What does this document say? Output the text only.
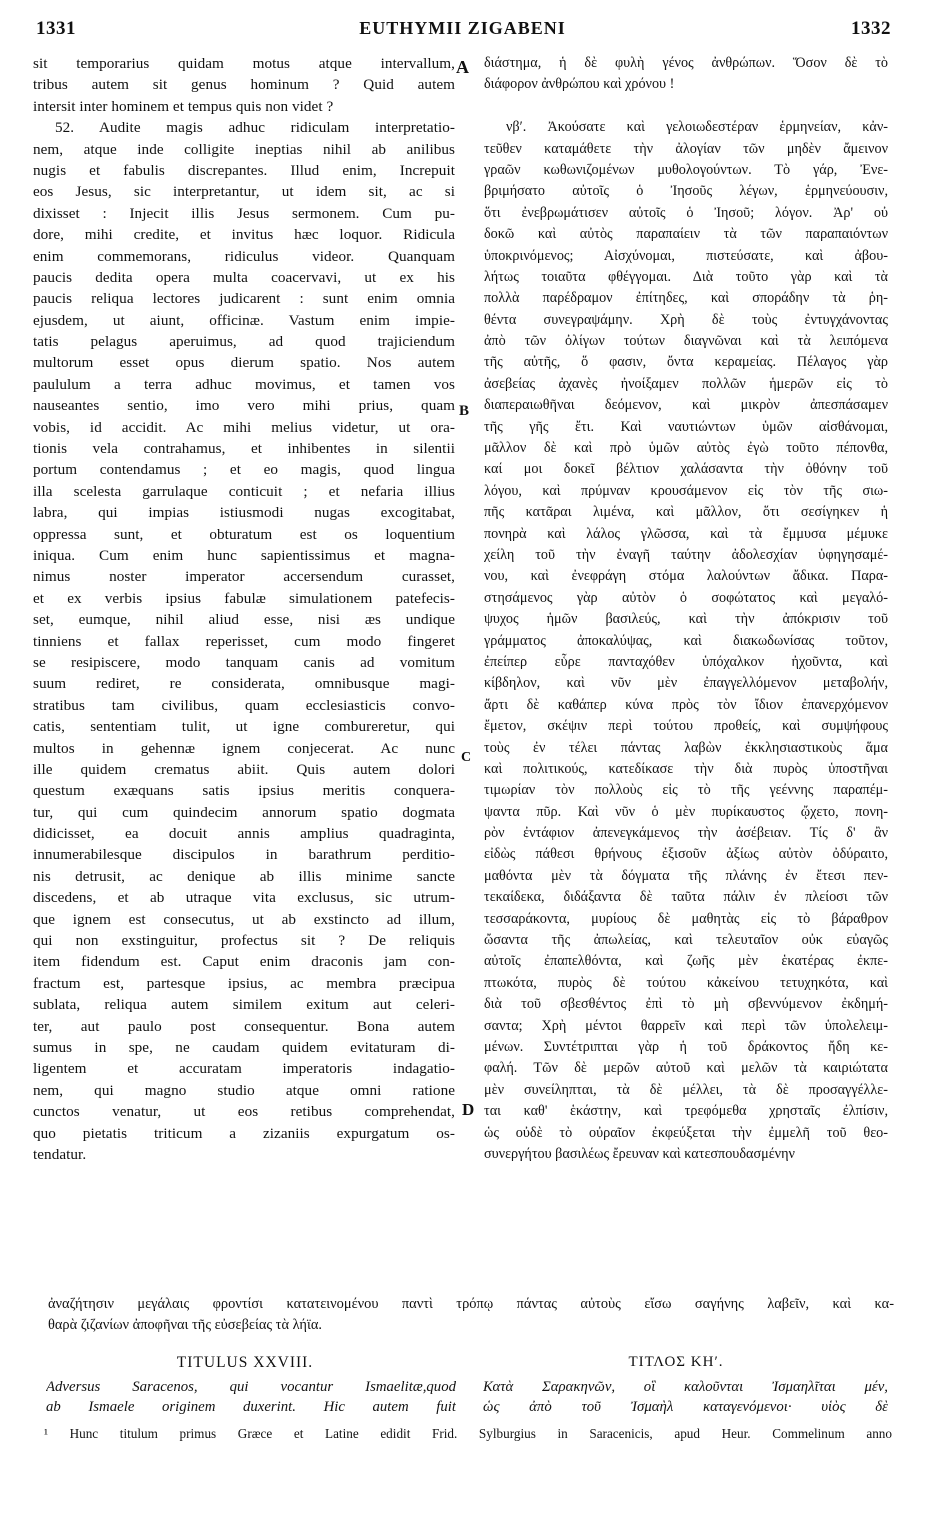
1331	EUTHYMII ZIGABENI	1332
A
B
C
D
sit temporarius quidam motus atque intervallum,
tribus autem sit genus hominum ? Quid autem
intersit inter hominem et tempus quis non videt ?
52. Audite magis adhuc ridiculam interpretatio-
nem, atque inde colligite ineptias nihil ab anilibus
nugis et fabulis discrepantes. Illud enim, Increpuit
eos Jesus, sic interpretantur, ut idem sit, ac si
dixisset : Injecit illis Jesus sermonem. Cum pu-
dore, mihi credite, et invitus hæc loquor. Ridicula
enim commemorans, ridiculus videor. Quanquam
paucis dedita opera multa coacervavi, ut ex his
paucis reliqua lectores judicarent : sunt enim omnia
ejusdem, ut aiunt, officinæ. Vastum enim impie-
tatis pelagus aperuimus, ad quod trajiciendum
multorum esset opus dierum spatio. Nos autem
paululum a terra adhuc movimus, et tamen vos
nauseantes sentio, imo vero mihi prius, quam
vobis, id accidit. Ac mihi melius videtur, ut ora-
tionis vela contrahamus, et inhibentes in silentii
portum contendamus ; et eo magis, quod lingua
illa scelesta garrulaque conticuit ; et nefaria illius
labra, qui impias istiusmodi nugas excogitabat,
oppressa sunt, et obturatum est os loquentium
iniqua. Cum enim hunc sapientissimus et magna-
nimus noster imperator accersendum curasset,
et ex verbis ipsius fabulæ simulationem patefecis-
set, eumque, nihil aliud esse, nisi æs undique
tinniens et fallax reperisset, cum modo fingeret
se resipiscere, modo tanquam canis ad vomitum
suum rediret, re considerata, omnibusque magi-
stratibus tam civilibus, quam ecclesiasticis convo-
catis, sententiam tulit, ut igne combureretur, qui
multos in gehennæ ignem conjecerat. Ac nunc
ille quidem crematus abiit. Quis autem dolori
questum exæquans satis ipsius meritis conquera-
tur, qui cum quindecim annorum spatio dogmata
didicisset, ea docuit annis amplius quadraginta,
innumerabilesque discipulos in barathrum perditio-
nis detrusit, ac denique ab illis minime sancte
discedens, et ab utraque vita exclusus, sic utrum-
que ignem est consecutus, ut ab exstincto ad illum,
qui non exstinguitur, profectus sit ? De reliquis
item fidendum est. Caput enim draconis jam con-
fractum est, partesque ipsius, ac membra præcipua
sublata, reliqua autem similem exitum aut celeri-
ter, aut paulo post consequentur. Bona autem
sumus in spe, ne caudam quidem evitaturam di-
ligentem et accuratam imperatoris indagatio-
nem, qui magno studio atque omni ratione
cunctos venatur, ut eos retibus comprehendat,
quo pietatis triticum a zizaniis expurgatum os-
tendatur.
διάστημα, ἡ δὲ φυλὴ γένος ἀνθρώπων. Ὅσον δὲ τὸ
διάφορον ἀνθρώπου καὶ χρόνου !
νβʹ. Ἀκούσατε καὶ γελοιωδεστέραν ἑρμηνείαν, κἀν-
τεῦθεν καταμάθετε τὴν ἀλογίαν τῶν μηδὲν ἄμεινον
γραῶν κωθωνιζομένων μυθολογούντων. Τὸ γάρ, Ἐνε-
βριμήσατο αὐτοῖς ὁ Ἰησοῦς λέγων, ἑρμηνεύουσιν,
ὅτι ἐνεβρωμάτισεν αὐτοῖς ὁ Ἰησοῦ; λόγον. Ἀρ' οὐ
δοκῶ καὶ αὐτὸς παραπαίειν τὰ τῶν παραπαιόντων
ὑποκρινόμενος; Αἰσχύνομαι, πιστεύσατε, καὶ ἀβου-
λήτως τοιαῦτα φθέγγομαι. Διὰ τοῦτο γὰρ καὶ τὰ
πολλὰ παρέδραμον ἐπίτηδες, καὶ σποράδην τὰ ῥη-
θέντα συνεγραψάμην. Χρὴ δὲ τοὺς ἐντυγχάνοντας
ἀπὸ τῶν ὀλίγων τούτων διαγνῶναι καὶ τὰ λειπόμενα
τῆς αὐτῆς, ὅ φασιν, ὄντα κεραμείας. Πέλαγος γὰρ
ἀσεβείας ἀχανὲς ἠνοίξαμεν πολλῶν ἡμερῶν εἰς τὸ
διαπεραιωθῆναι δεόμενον, καὶ μικρὸν ἀπεσπάσαμεν
τῆς γῆς ἔτι. Καὶ ναυτιώντων ὑμῶν αἰσθάνομαι,
μᾶλλον δὲ καὶ πρὸ ὑμῶν αὐτὸς ἐγὼ τοῦτο πέπονθα,
καί μοι δοκεῖ βέλτιον χαλάσαντα τὴν ὀθόνην τοῦ
λόγου, καὶ πρύμναν κρουσάμενον εἰς τὸν τῆς σιω-
πῆς κατᾶραι λιμένα, καὶ μᾶλλον, ὅτι σεσίγηκεν ἡ
πονηρὰ καὶ λάλος γλῶσσα, καὶ τὰ ἔμμυσα μέμυκε
χείλη τοῦ τὴν ἐναγῆ ταύτην ἀδολεσχίαν ὑφηγησαμέ-
νου, καὶ ἐνεφράγη στόμα λαλούντων ἄδικα. Παρα-
στησάμενος γὰρ αὐτὸν ὁ σοφώτατος καὶ μεγαλό-
ψυχος ἡμῶν βασιλεύς, καὶ τὴν ἀπόκρισιν τοῦ
γράμματος ἀποκαλύψας, καὶ διακωδωνίσας τοῦτον,
ἐπείπερ εὗρε πανταχόθεν ὑπόχαλκον ἠχοῦντα, καὶ
κίβδηλον, καὶ νῦν μὲν ἐπαγγελλόμενον μεταβολήν,
ἄρτι δὲ καθάπερ κύνα πρὸς τὸν ἴδιον ἐπανερχόμενον
ἔμετον, σκέψιν περὶ τούτου προθείς, καὶ συμψήφους
τοὺς ἐν τέλει πάντας λαβὼν ἐκκλησιαστικοὺς ἅμα
καὶ πολιτικούς, κατεδίκασε τὴν διὰ πυρὸς ὑποστῆναι
τιμωρίαν τὸν πολλοὺς εἰς τὸ τῆς γεέννης παραπέμ-
ψαντα πῦρ. Καὶ νῦν ὁ μὲν πυρίκαυστος ᾤχετο, πονη-
ρὸν ἐντάφιον ἀπενεγκάμενος τὴν ἀσέβειαν. Τίς δ' ἂν
εἰδὼς πάθεσι θρήνους ἐξισοῦν ἀξίως αὐτὸν ὀδύραιτο,
μαθόντα μὲν τὰ δόγματα τῆς πλάνης ἐν ἔτεσι πεν-
τεκαίδεκα, διδάξαντα δὲ ταῦτα πάλιν ἐν πλείοσι τῶν
τεσσαράκοντα, μυρίους δὲ μαθητὰς εἰς τὸ βάραθρον
ὤσαντα τῆς ἀπωλείας, καὶ τελευταῖον οὐκ εὐαγῶς
αὐτοῖς ἐπαπελθόντα, καὶ ζωῆς μὲν ἑκατέρας ἐκπε-
πτωκότα, πυρὸς δὲ τούτου κἀκείνου τετυχηκότα, καὶ
διὰ τοῦ σβεσθέντος ἐπὶ τὸ μὴ σβεννύμενον ἐκδημή-
σαντα; Χρὴ μέντοι θαρρεῖν καὶ περὶ τῶν ὑπολελειμ-
μένων. Συντέτριπται γὰρ ἡ τοῦ δράκοντος ἤδη κε-
φαλή. Τῶν δὲ μερῶν αὐτοῦ καὶ μελῶν τὰ καιριώτατα
μὲν συνείληπται, τὰ δὲ μέλλει, τὰ δὲ προσαγγέλλε-
ται καθ' ἑκάστην, καὶ τρεφόμεθα χρησταῖς ἐλπίσιν,
ὡς οὐδὲ τὸ οὐραῖον ἐκφεύξεται τὴν ἐμμελῆ τοῦ θεο-
συνεργήτου βασιλέως ἔρευναν καὶ κατεσπουδασμένην
ἀναζήτησιν μεγάλαις φροντίσι κατατεινομένου παντὶ τρόπῳ πάντας αὐτοὺς εἴσω σαγήνης λαβεῖν, καὶ κα-
θαρὰ ζιζανίων ἀποφῆναι τῆς εὐσεβείας τὰ λήϊα.
TITULUS XXVIII.	ΤΙΤΛΟΣ ΚΗʹ.
Adversus Saracenos, qui vocantur Ismaelitæ,quod
ab Ismaele originem duxerint. Hic autem fuit
Κατὰ Σαρακηνῶν, οἳ καλοῦνται Ἰσμαηλῖται μέν,
ὡς ἀπὸ τοῦ Ἰσμαὴλ καταγενόμενοι· υἱὸς δὲ
¹ Hunc titulum primus Græce et Latine edidit Frid. Sylburgius in Saracenicis, apud Heur. Commelinum anno
